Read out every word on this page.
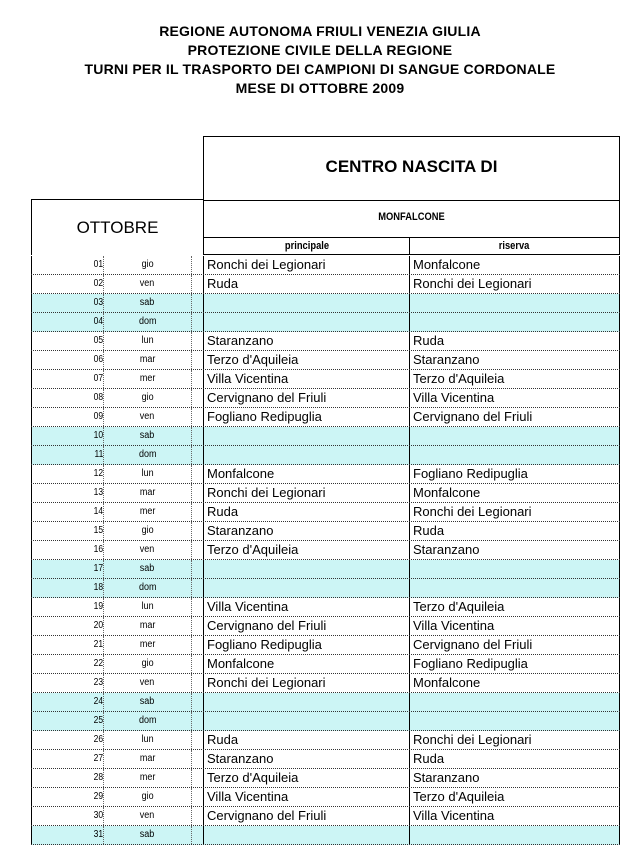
REGIONE AUTONOMA FRIULI VENEZIA GIULIA
PROTEZIONE CIVILE DELLA REGIONE
TURNI PER IL TRASPORTO DEI CAMPIONI DI SANGUE CORDONALE
MESE DI OTTOBRE 2009
CENTRO NASCITA DI
MONFALCONE
OTTOBRE
principale	riserva
01	gio	Ronchi dei Legionari	Monfalcone
02	ven	Ruda	Ronchi dei Legionari
03	sab
04	dom
05	lun	Staranzano	Ruda
06	mar	Terzo d'Aquileia	Staranzano
07	mer	Villa Vicentina	Terzo d'Aquileia
08	gio	Cervignano del Friuli	Villa Vicentina
09	ven	Fogliano Redipuglia	Cervignano del Friuli
10	sab
11	dom
12	lun	Monfalcone	Fogliano Redipuglia
13	mar	Ronchi dei Legionari	Monfalcone
14	mer	Ruda	Ronchi dei Legionari
15	gio	Staranzano	Ruda
16	ven	Terzo d'Aquileia	Staranzano
17	sab
18	dom
19	lun	Villa Vicentina	Terzo d'Aquileia
20	mar	Cervignano del Friuli	Villa Vicentina
21	mer	Fogliano Redipuglia	Cervignano del Friuli
22	gio	Monfalcone	Fogliano Redipuglia
23	ven	Ronchi dei Legionari	Monfalcone
24	sab
25	dom
26	lun	Ruda	Ronchi dei Legionari
27	mar	Staranzano	Ruda
28	mer	Terzo d'Aquileia	Staranzano
29	gio	Villa Vicentina	Terzo d'Aquileia
30	ven	Cervignano del Friuli	Villa Vicentina
31	sab
